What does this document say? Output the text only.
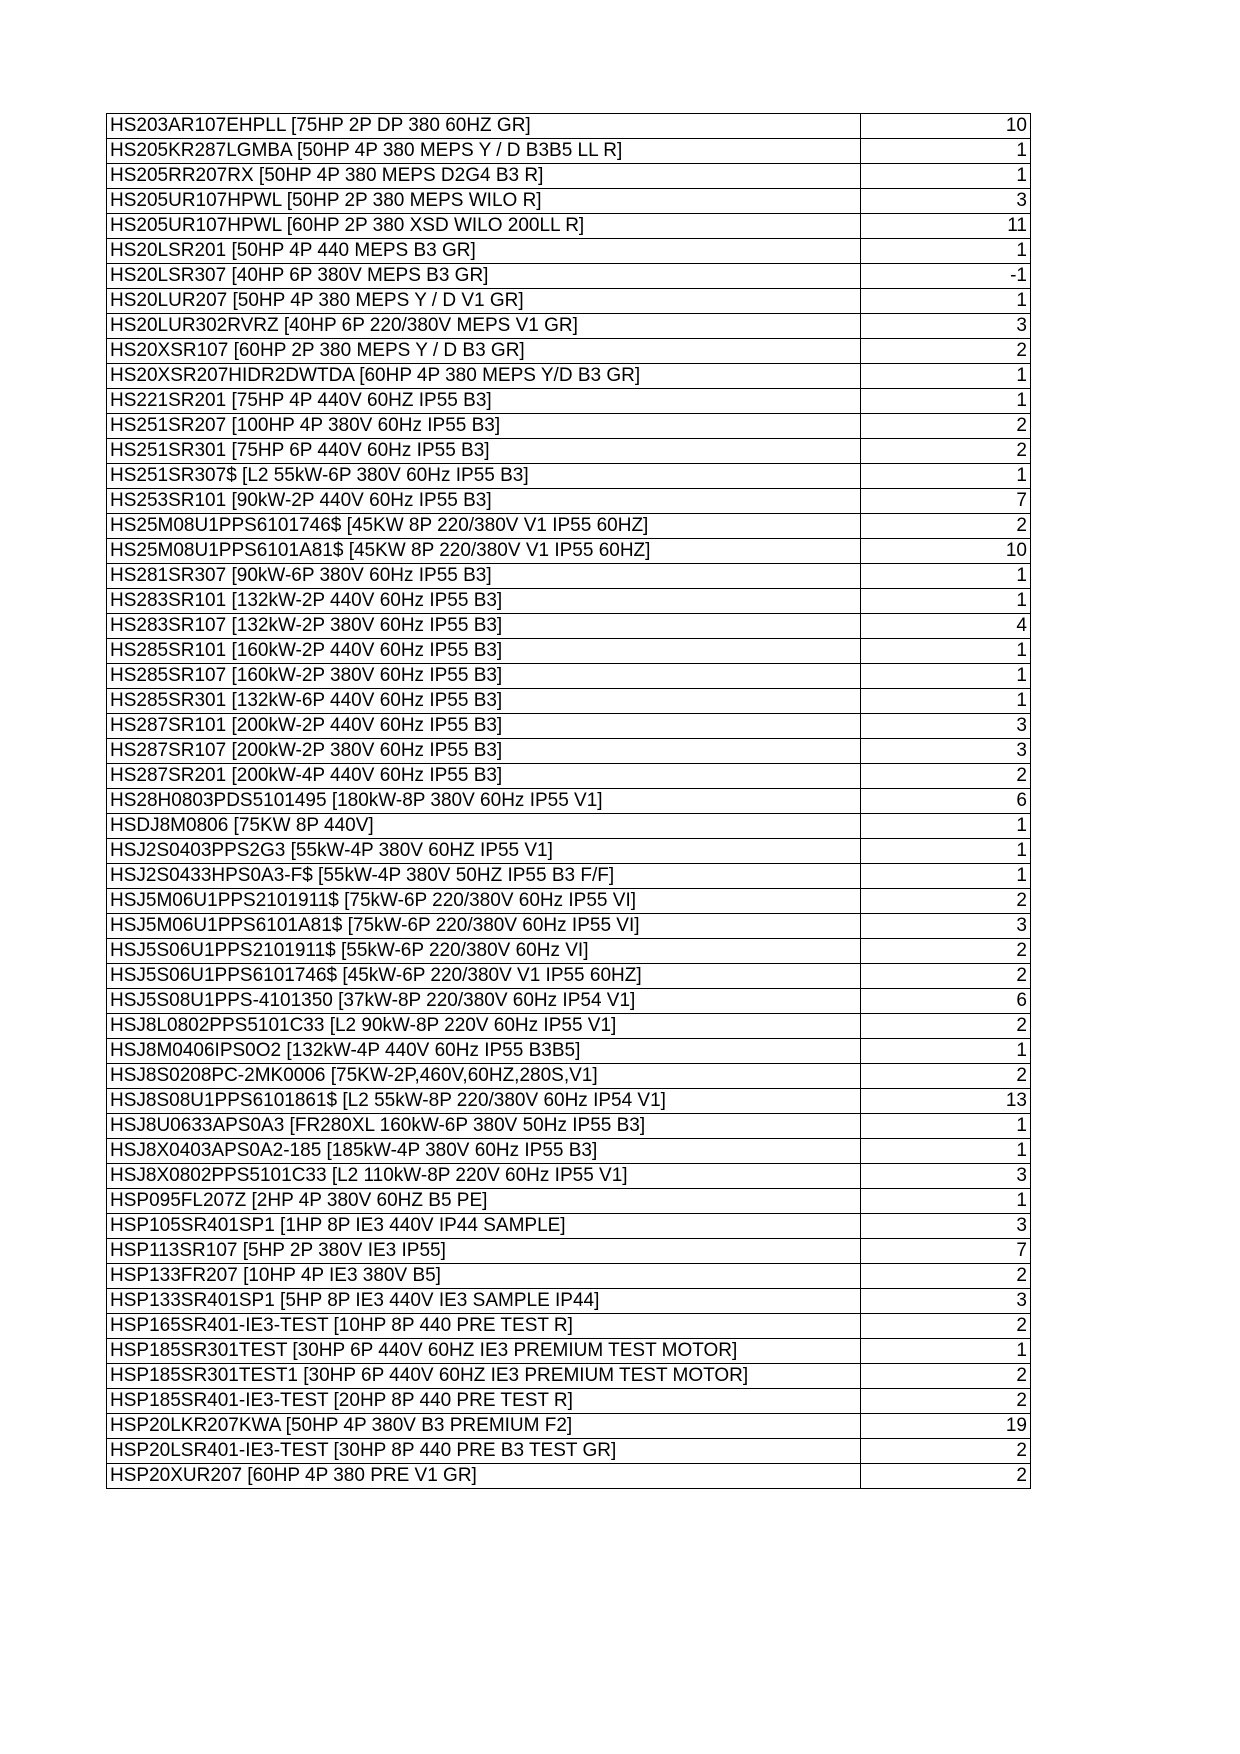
HS203AR107EHPLL [75HP 2P DP 380 60HZ GR]	10
HS205KR287LGMBA [50HP 4P 380 MEPS Y / D B3B5 LL R]	1
HS205RR207RX [50HP 4P 380 MEPS D2G4 B3 R]	1
HS205UR107HPWL [50HP 2P 380 MEPS WILO R]	3
HS205UR107HPWL [60HP 2P 380 XSD WILO 200LL R]	11
HS20LSR201 [50HP 4P 440 MEPS B3 GR]	1
HS20LSR307 [40HP 6P 380V MEPS B3 GR]	-1
HS20LUR207 [50HP 4P 380 MEPS Y / D V1 GR]	1
HS20LUR302RVRZ [40HP 6P 220/380V MEPS V1 GR]	3
HS20XSR107 [60HP 2P 380 MEPS Y / D B3 GR]	2
HS20XSR207HIDR2DWTDA [60HP 4P 380 MEPS Y/D B3 GR]	1
HS221SR201 [75HP 4P 440V 60HZ IP55 B3]	1
HS251SR207 [100HP 4P 380V 60Hz IP55 B3]	2
HS251SR301 [75HP 6P 440V 60Hz IP55 B3]	2
HS251SR307$ [L2 55kW-6P 380V 60Hz IP55 B3]	1
HS253SR101 [90kW-2P 440V 60Hz IP55 B3]	7
HS25M08U1PPS6101746$ [45KW 8P 220/380V V1 IP55 60HZ]	2
HS25M08U1PPS6101A81$ [45KW 8P 220/380V V1 IP55 60HZ]	10
HS281SR307 [90kW-6P 380V 60Hz IP55 B3]	1
HS283SR101 [132kW-2P 440V 60Hz IP55 B3]	1
HS283SR107 [132kW-2P 380V 60Hz IP55 B3]	4
HS285SR101 [160kW-2P 440V 60Hz IP55 B3]	1
HS285SR107 [160kW-2P 380V 60Hz IP55 B3]	1
HS285SR301 [132kW-6P 440V 60Hz IP55 B3]	1
HS287SR101 [200kW-2P 440V 60Hz IP55 B3]	3
HS287SR107 [200kW-2P 380V 60Hz IP55 B3]	3
HS287SR201 [200kW-4P 440V 60Hz IP55 B3]	2
HS28H0803PDS5101495 [180kW-8P 380V 60Hz IP55 V1]	6
HSDJ8M0806 [75KW 8P 440V]	1
HSJ2S0403PPS2G3 [55kW-4P 380V 60HZ IP55 V1]	1
HSJ2S0433HPS0A3-F$ [55kW-4P 380V 50HZ IP55 B3 F/F]	1
HSJ5M06U1PPS2101911$ [75kW-6P 220/380V 60Hz IP55 VI]	2
HSJ5M06U1PPS6101A81$ [75kW-6P 220/380V 60Hz IP55 VI]	3
HSJ5S06U1PPS2101911$ [55kW-6P 220/380V 60Hz VI]	2
HSJ5S06U1PPS6101746$ [45kW-6P 220/380V V1 IP55 60HZ]	2
HSJ5S08U1PPS-4101350 [37kW-8P 220/380V 60Hz IP54 V1]	6
HSJ8L0802PPS5101C33 [L2 90kW-8P 220V 60Hz IP55 V1]	2
HSJ8M0406IPS0O2 [132kW-4P 440V 60Hz IP55 B3B5]	1
HSJ8S0208PC-2MK0006 [75KW-2P,460V,60HZ,280S,V1]	2
HSJ8S08U1PPS6101861$ [L2 55kW-8P 220/380V 60Hz IP54 V1]	13
HSJ8U0633APS0A3 [FR280XL 160kW-6P 380V 50Hz IP55 B3]	1
HSJ8X0403APS0A2-185 [185kW-4P 380V 60Hz IP55 B3]	1
HSJ8X0802PPS5101C33 [L2 110kW-8P 220V 60Hz IP55 V1]	3
HSP095FL207Z [2HP 4P 380V 60HZ B5 PE]	1
HSP105SR401SP1 [1HP 8P IE3 440V IP44 SAMPLE]	3
HSP113SR107 [5HP 2P 380V IE3 IP55]	7
HSP133FR207 [10HP 4P IE3 380V B5]	2
HSP133SR401SP1 [5HP 8P IE3 440V IE3 SAMPLE IP44]	3
HSP165SR401-IE3-TEST [10HP 8P 440 PRE TEST R]	2
HSP185SR301TEST [30HP 6P 440V 60HZ IE3 PREMIUM TEST MOTOR]	1
HSP185SR301TEST1 [30HP 6P 440V 60HZ IE3 PREMIUM TEST MOTOR]	2
HSP185SR401-IE3-TEST [20HP 8P 440 PRE TEST R]	2
HSP20LKR207KWA [50HP 4P 380V B3 PREMIUM F2]	19
HSP20LSR401-IE3-TEST [30HP 8P 440 PRE B3 TEST GR]	2
HSP20XUR207 [60HP 4P 380 PRE V1 GR]	2
